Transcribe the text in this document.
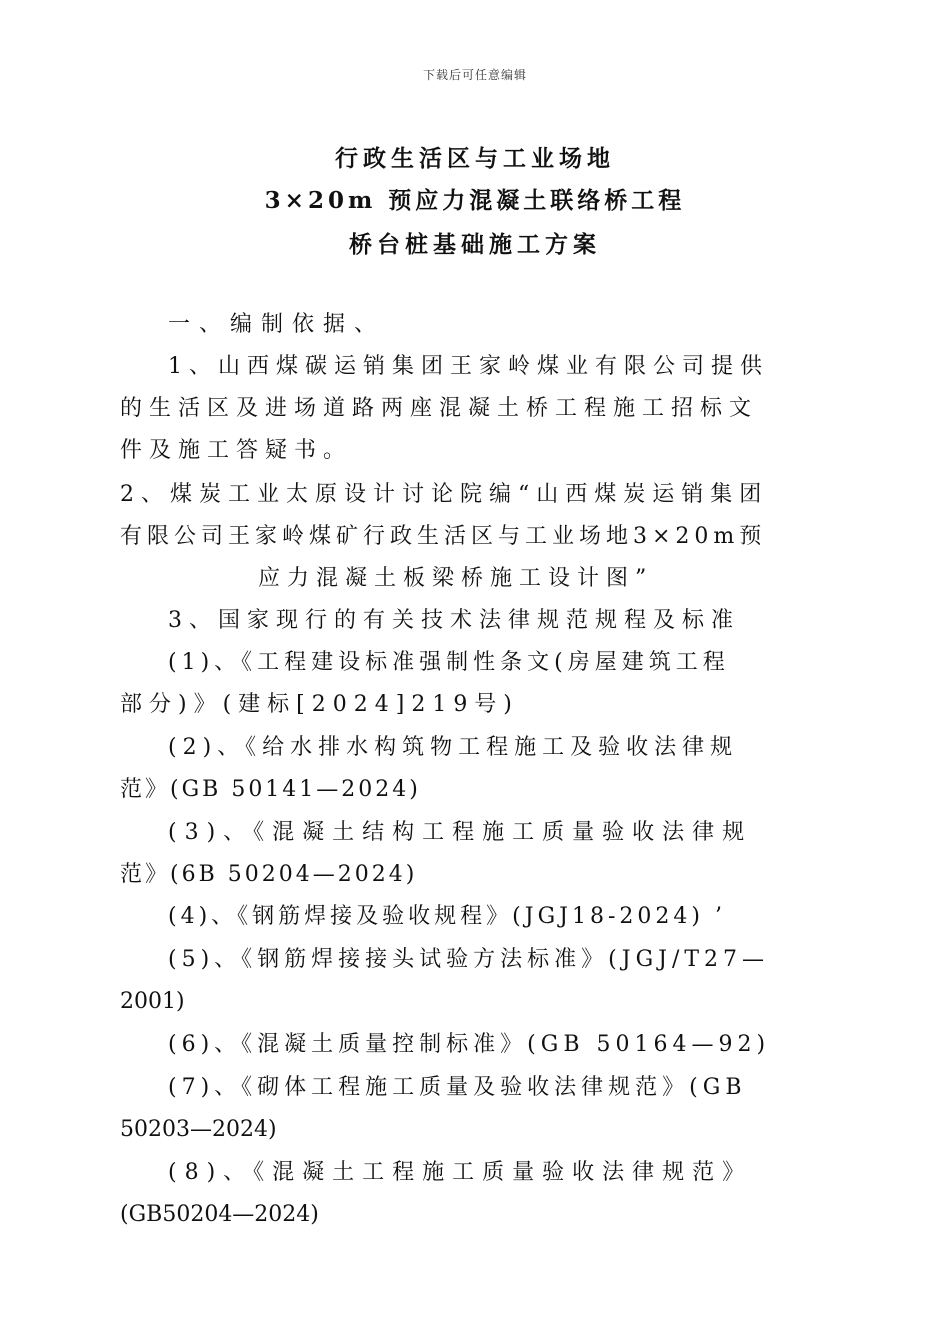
下载后可任意编辑
行政生活区与工业场地
3×20m 预应力混凝土联络桥工程
桥台桩基础施工方案
一、编制依据、
1、山西煤碳运销集团王家岭煤业有限公司提供
的生活区及进场道路两座混凝土桥工程施工招标文
件及施工答疑书。
2、煤炭工业太原设计讨论院编“山西煤炭运销集团
有限公司王家岭煤矿行政生活区与工业场地3×20m预
应力混凝土板梁桥施工设计图”
3、国家现行的有关技术法律规范规程及标准
(1)、《工程建设标准强制性条文(房屋建筑工程
部分)》(建标[2024]219号)
(2)、《给水排水构筑物工程施工及验收法律规
范》(GB 50141—2024)
(3)、《混凝土结构工程施工质量验收法律规
范》(6B 50204—2024)
(4)、《钢筋焊接及验收规程》(JGJ18-2024) ’
(5)、《钢筋焊接接头试验方法标准》(JGJ/T27—
2001)
(6)、《混凝土质量控制标准》(GB 50164—92)
(7)、《砌体工程施工质量及验收法律规范》(GB
50203—2024)
(8)、《混凝土工程施工质量验收法律规范》
(GB50204—2024)
